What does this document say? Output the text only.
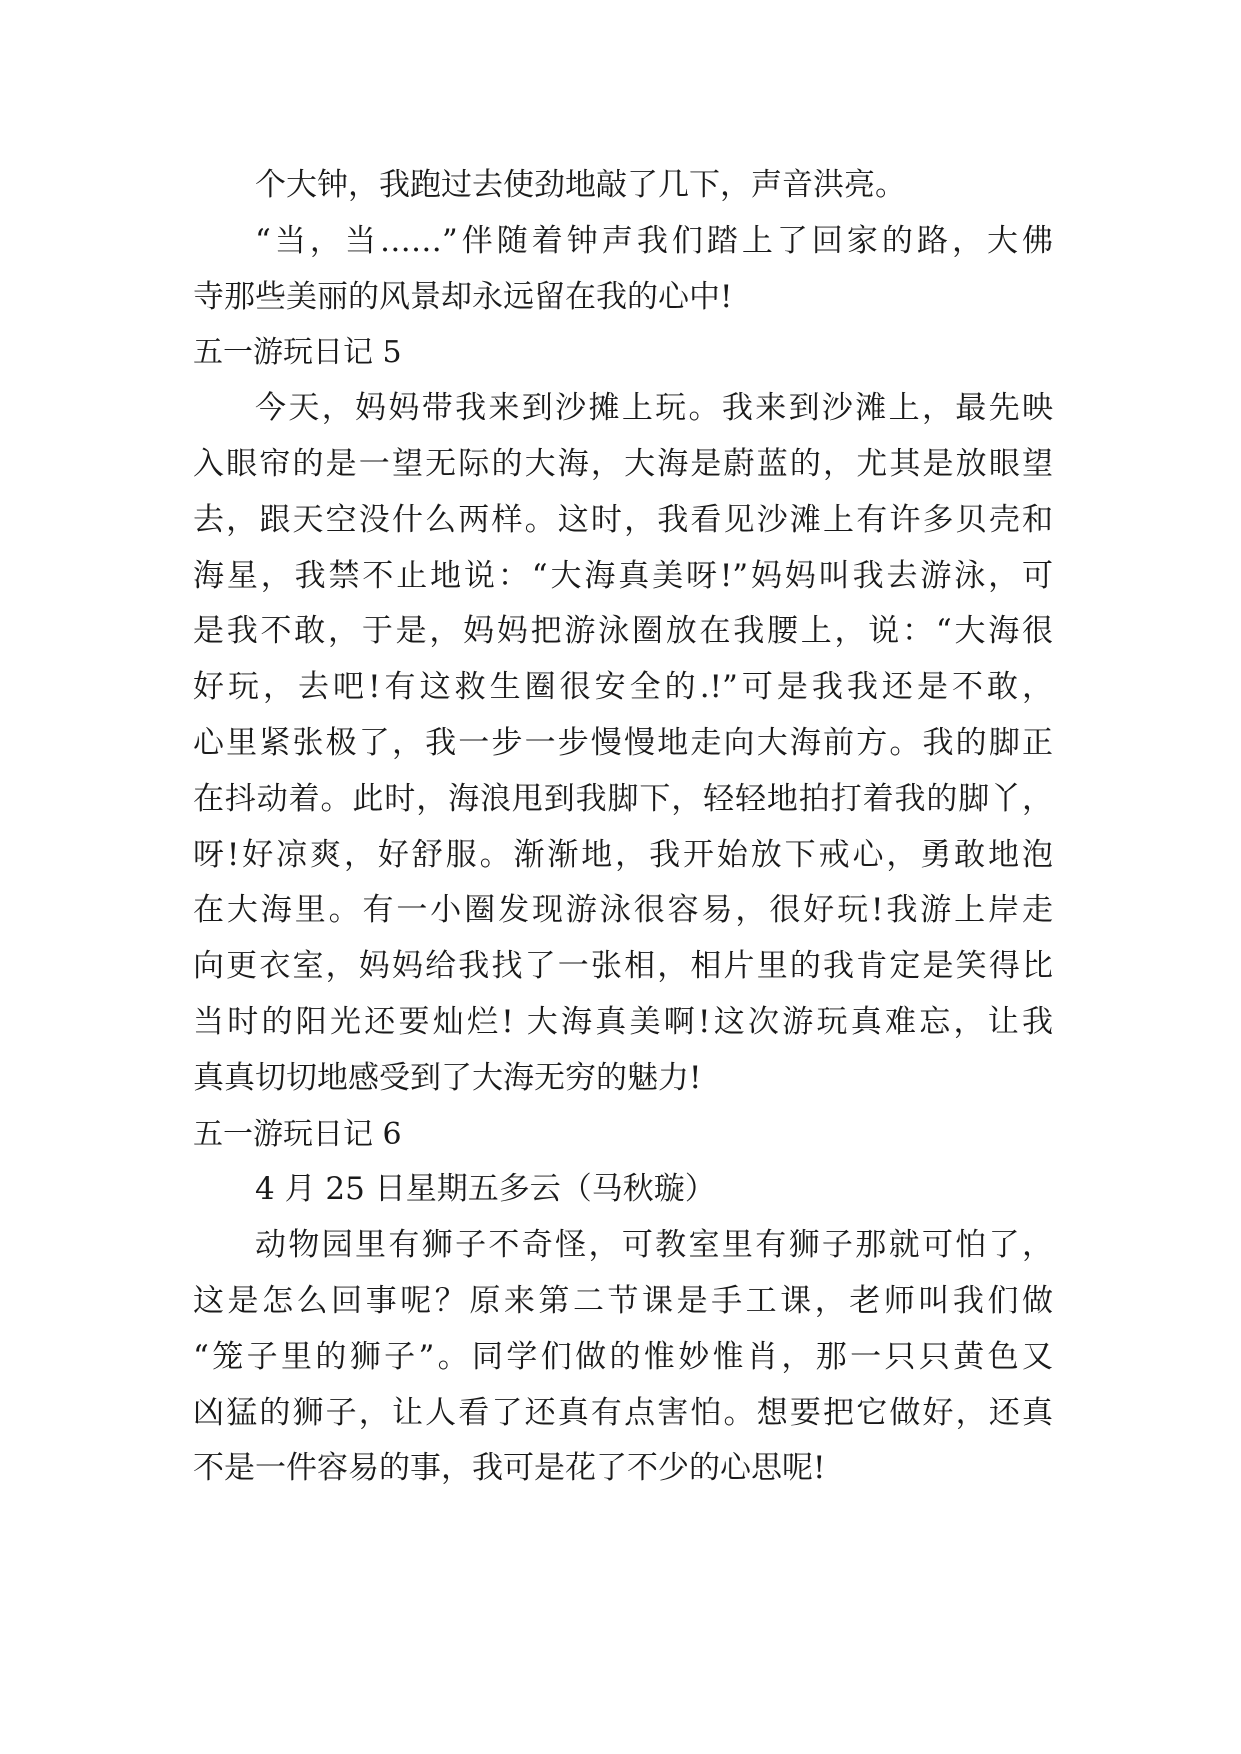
个大钟，我跑过去使劲地敲了几下，声音洪亮。

“当，当……”伴随着钟声我们踏上了回家的路，大佛

寺那些美丽的风景却永远留在我的心中!

五一游玩日记 5

今天，妈妈带我来到沙摊上玩。我来到沙滩上，最先映

入眼帘的是一望无际的大海，大海是蔚蓝的，尤其是放眼望

去，跟天空没什么两样。这时，我看见沙滩上有许多贝壳和

海星，我禁不止地说：“大海真美呀!”妈妈叫我去游泳，可

是我不敢，于是，妈妈把游泳圈放在我腰上，说：“大海很

好玩，去吧!有这救生圈很安全的.!”可是我我还是不敢，

心里紧张极了，我一步一步慢慢地走向大海前方。我的脚正

在抖动着。此时，海浪甩到我脚下，轻轻地拍打着我的脚丫，

呀!好凉爽，好舒服。渐渐地，我开始放下戒心，勇敢地泡

在大海里。有一小圈发现游泳很容易，很好玩!我游上岸走

向更衣室，妈妈给我找了一张相，相片里的我肯定是笑得比

当时的阳光还要灿烂! 大海真美啊!这次游玩真难忘，让我

真真切切地感受到了大海无穷的魅力!

五一游玩日记 6

4 月 25 日星期五多云（马秋璇）

动物园里有狮子不奇怪，可教室里有狮子那就可怕了，

这是怎么回事呢？原来第二节课是手工课，老师叫我们做

“笼子里的狮子”。同学们做的惟妙惟肖，那一只只黄色又

凶猛的狮子，让人看了还真有点害怕。想要把它做好，还真

不是一件容易的事，我可是花了不少的心思呢!
